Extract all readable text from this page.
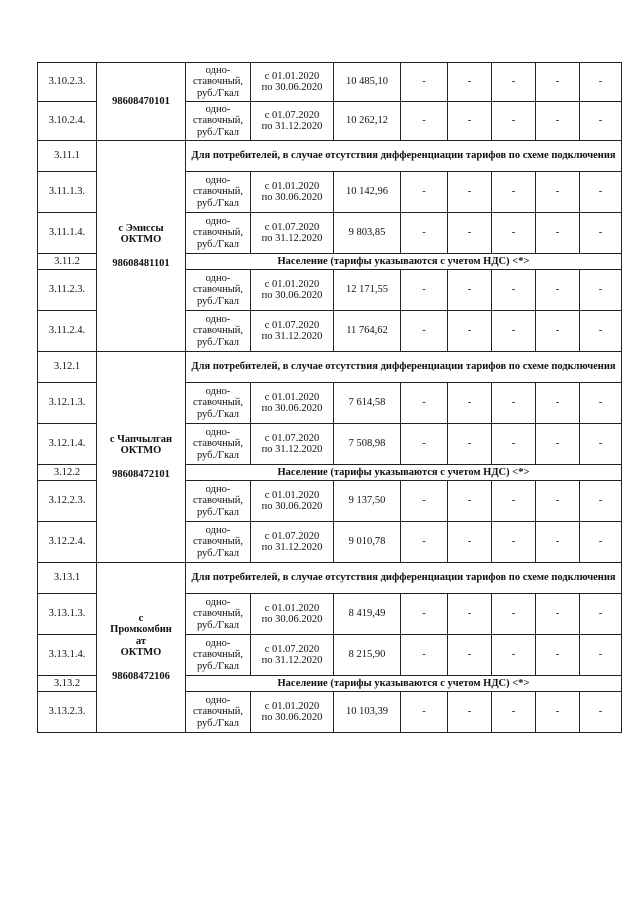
3.10.2.3.	98608470101	одно-
ставочный,
руб./Гкал	с 01.01.2020
по 30.06.2020	10 485,10	-	-	-	-	-
3.10.2.4.		одно-
ставочный,
руб./Гкал	с 01.07.2020
по 31.12.2020	10 262,12	-	-	-	-	-
3.11.1	с Эмиссы
ОКТМО
98608481101	Для потребителей, в случае отсутствия дифференциации тарифов по схеме подключения							
3.11.1.3.		одно-
ставочный,
руб./Гкал	с 01.01.2020
по 30.06.2020	10 142,96	-	-	-	-	-
3.11.1.4.		одно-
ставочный,
руб./Гкал	с 01.07.2020
по 31.12.2020	9 803,85	-	-	-	-	-
3.11.2		Население (тарифы указываются с учетом НДС) <*>							
3.11.2.3.		одно-
ставочный,
руб./Гкал	с 01.01.2020
по 30.06.2020	12 171,55	-	-	-	-	-
3.11.2.4.		одно-
ставочный,
руб./Гкал	с 01.07.2020
по 31.12.2020	11 764,62	-	-	-	-	-
3.12.1	с Чапчылган
ОКТМО
98608472101	Для потребителей, в случае отсутствия дифференциации тарифов по схеме подключения							
3.12.1.3.		одно-
ставочный,
руб./Гкал	с 01.01.2020
по 30.06.2020	7 614,58	-	-	-	-	-
3.12.1.4.		одно-
ставочный,
руб./Гкал	с 01.07.2020
по 31.12.2020	7 508,98	-	-	-	-	-
3.12.2		Население (тарифы указываются с учетом НДС) <*>							
3.12.2.3.		одно-
ставочный,
руб./Гкал	с 01.01.2020
по 30.06.2020	9 137,50	-	-	-	-	-
3.12.2.4.		одно-
ставочный,
руб./Гкал	с 01.07.2020
по 31.12.2020	9 010,78	-	-	-	-	-
3.13.1	с
Промкомбин
ат
ОКТМО
98608472106	Для потребителей, в случае отсутствия дифференциации тарифов по схеме подключения							
3.13.1.3.		одно-
ставочный,
руб./Гкал	с 01.01.2020
по 30.06.2020	8 419,49	-	-	-	-	-
3.13.1.4.		одно-
ставочный,
руб./Гкал	с 01.07.2020
по 31.12.2020	8 215,90	-	-	-	-	-
3.13.2		Население (тарифы указываются с учетом НДС) <*>							
3.13.2.3.		одно-
ставочный,
руб./Гкал	с 01.01.2020
по 30.06.2020	10 103,39	-	-	-	-	-
